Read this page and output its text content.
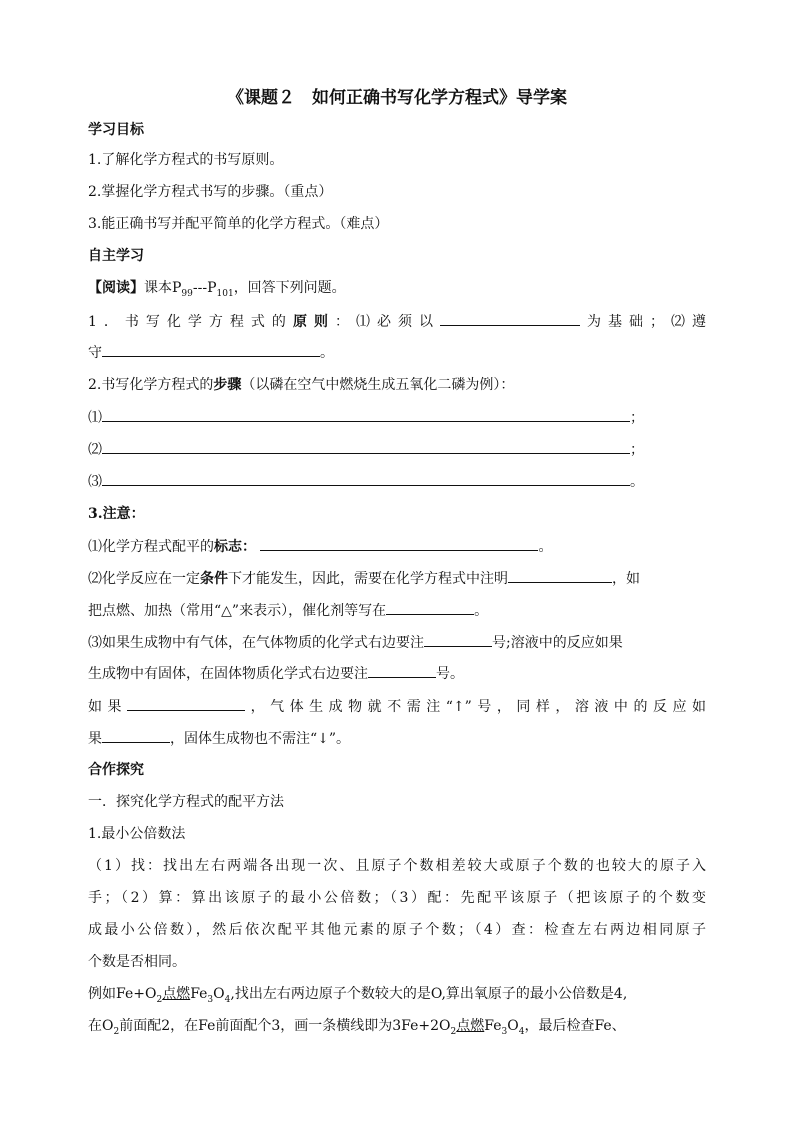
《课题２　如何正确书写化学方程式》导学案
学习目标
1.了解化学方程式的书写原则。
2.掌握化学方程式书写的步骤。（重点）
3.能正确书写并配平简单的化学方程式。（难点）
自主学习
【阅读】课本$P_{99}---P_{101}$，回答下列问题。
1．书写化学方程式的原则：⑴必须以	为基础；⑵遵
守	。
2.书写化学方程式的步骤（以磷在空气中燃烧生成五氧化二磷为例）：
⑴	；
⑵	；
⑶	。
3.注意：
⑴化学方程式配平的标志：	。
⑵化学反应在一定条件下才能发生，因此，需要在化学方程式中注明	，如
把点燃、加热（常用“△”来表示），催化剂等写在	。
⑶如果生成物中有气体，在气体物质的化学式右边要注	号;溶液中的反应如果
生成物中有固体，在固体物质化学式右边要注	号。
如果	，气体生成物就不需注“↑”号，同样，溶液中的反应如
果	，固体生成物也不需注“↓”。
合作探究
一．探究化学方程式的配平方法
1.最小公倍数法
（1）找：找出左右两端各出现一次、且原子个数相差较大或原子个数的也较大的原子入
手；（2）算：算出该原子的最小公倍数；（3）配：先配平该原子（把该原子的个数变
成最小公倍数），然后依次配平其他元素的原子个数；（4）查：检查左右两边相同原子
个数是否相同。
例如$Fe+O_2$点燃$Fe_3O_4$,找出左右两边原子个数较大的是O,算出氧原子的最小公倍数是4,
在$O_2$前面配2，在Fe前面配个3，画一条横线即为$3Fe+2O_2$点燃$Fe_3O_4$，最后检查Fe、
